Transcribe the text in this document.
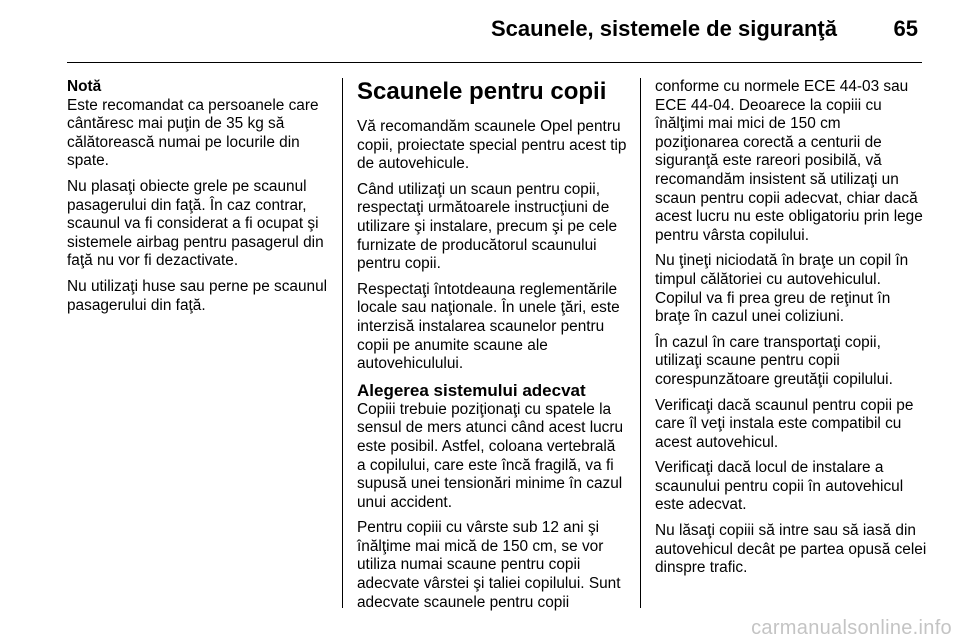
Scaunele, sistemele de siguranţă	65
Notă

Este recomandat ca persoanele care cântăresc mai puţin de 35 kg să călătorească numai pe locurile din spate.

Nu plasaţi obiecte grele pe scaunul pasagerului din faţă. În caz contrar, scaunul va fi considerat a fi ocupat şi sistemele airbag pentru pasagerul din faţă nu vor fi dezactivate.

Nu utilizaţi huse sau perne pe scaunul pasagerului din faţă.

Scaunele pentru copii

Vă recomandăm scaunele Opel pentru copii, proiectate special pentru acest tip de autovehicule.

Când utilizaţi un scaun pentru copii, respectaţi următoarele instrucţiuni de utilizare şi instalare, precum şi pe cele furnizate de producătorul scaunului pentru copii.

Respectaţi întotdeauna reglementările locale sau naţionale. În unele ţări, este interzisă instalarea scaunelor pentru copii pe anumite scaune ale autovehiculului.

Alegerea sistemului adecvat

Copiii trebuie poziţionaţi cu spatele la sensul de mers atunci când acest lucru este posibil. Astfel, coloana vertebrală a copilului, care este încă fragilă, va fi supusă unei tensionări minime în cazul unui accident.

Pentru copiii cu vârste sub 12 ani şi înălţime mai mică de 150 cm, se vor utiliza numai scaune pentru copii adecvate vârstei şi taliei copilului. Sunt adecvate scaunele pentru copii

conforme cu normele ECE 44-03 sau ECE 44-04. Deoarece la copiii cu înălţimi mai mici de 150 cm poziţionarea corectă a centurii de siguranţă este rareori posibilă, vă recomandăm insistent să utilizaţi un scaun pentru copii adecvat, chiar dacă acest lucru nu este obligatoriu prin lege pentru vârsta copilului.

Nu ţineţi niciodată în braţe un copil în timpul călătoriei cu autovehiculul. Copilul va fi prea greu de reţinut în braţe în cazul unei coliziuni.

În cazul în care transportaţi copii, utilizaţi scaune pentru copii corespunzătoare greutăţii copilului.

Verificaţi dacă scaunul pentru copii pe care îl veţi instala este compatibil cu acest autovehicul.

Verificaţi dacă locul de instalare a scaunului pentru copii în autovehicul este adecvat.

Nu lăsaţi copiii să intre sau să iasă din autovehicul decât pe partea opusă celei dinspre trafic.

carmanualsonline.info
